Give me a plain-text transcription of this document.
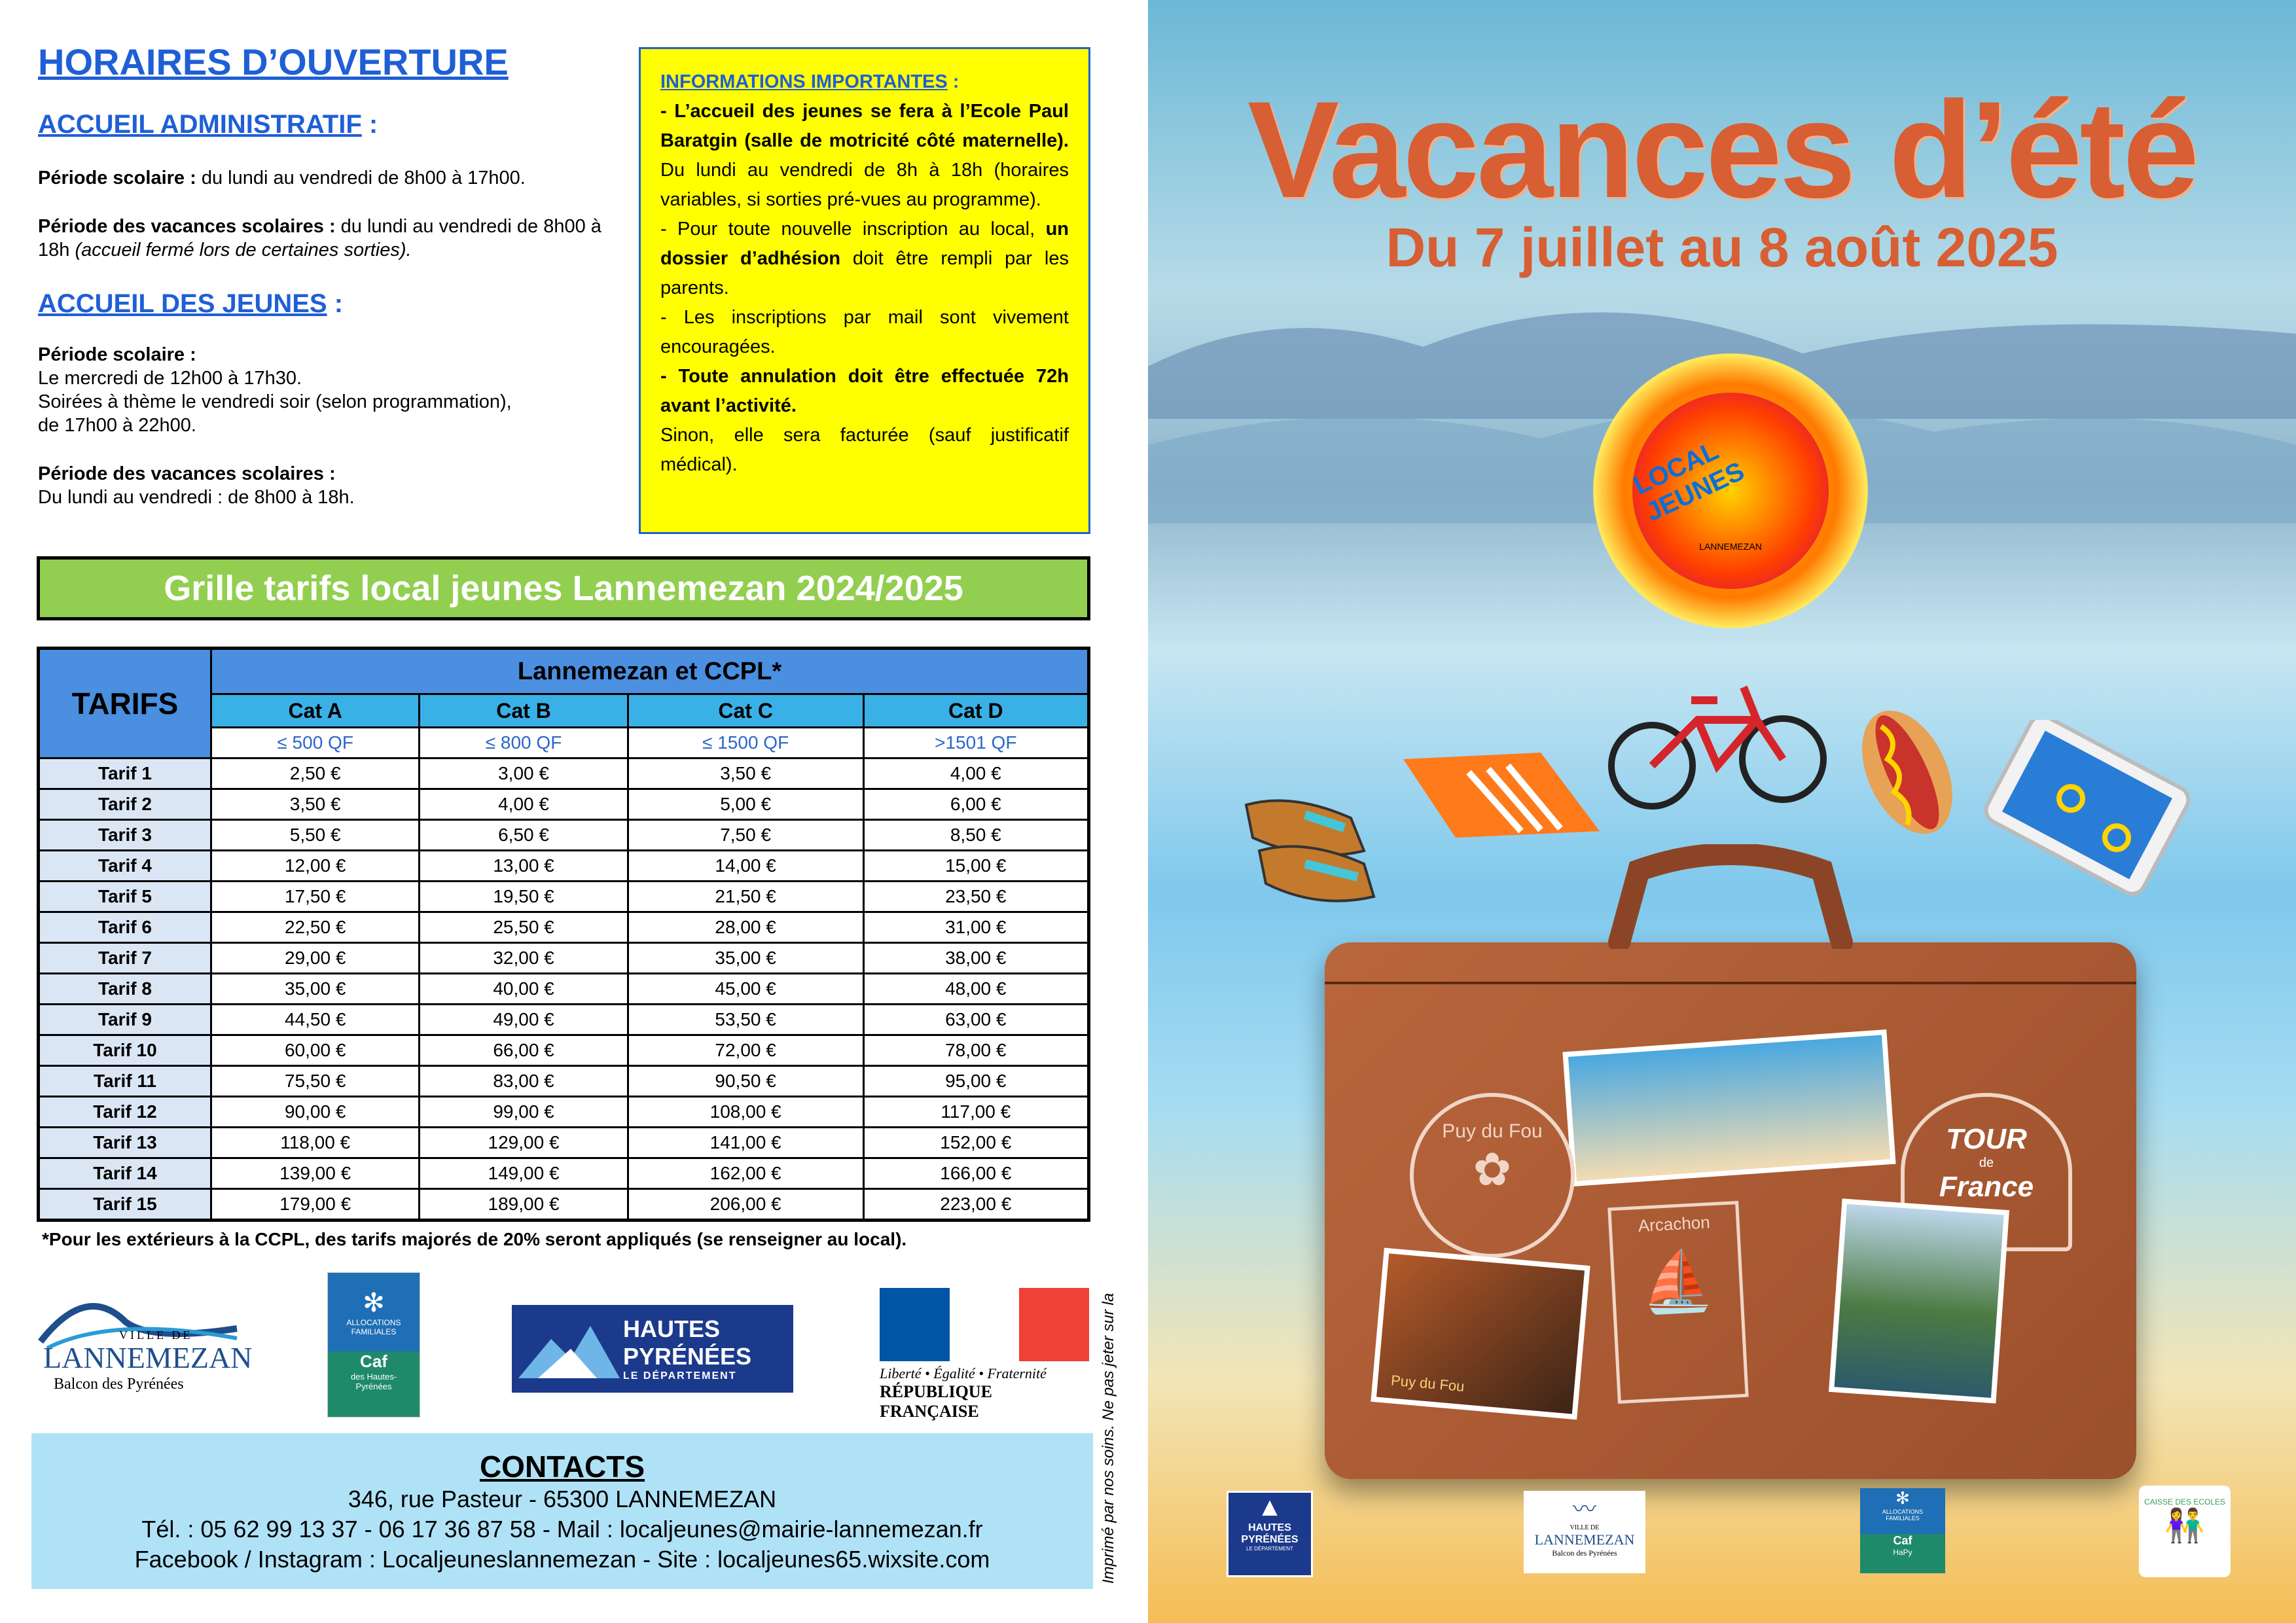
HORAIRES D’OUVERTURE
ACCUEIL ADMINISTRATIF :
Période scolaire : du lundi au vendredi de 8h00 à 17h00.
Période des vacances scolaires : du lundi au vendredi de 8h00 à 18h (accueil fermé lors de certaines sorties).
ACCUEIL DES JEUNES :
Période scolaire :
Le mercredi de 12h00 à 17h30.
Soirées à thème le vendredi soir (selon programmation),
de 17h00 à 22h00.
Période des vacances scolaires :
Du lundi au vendredi : de 8h00 à 18h.
INFORMATIONS IMPORTANTES :
- L’accueil des jeunes se fera à l’Ecole Paul Baratgin (salle de motricité côté maternelle). Du lundi au vendredi de 8h à 18h (horaires variables, si sorties pré-vues au programme).
- Pour toute nouvelle inscription au local, un dossier d’adhésion doit être rempli par les parents.
- Les inscriptions par mail sont vivement encouragées.
- Toute annulation doit être effectuée 72h avant l’activité.
Sinon, elle sera facturée (sauf justificatif médical).
Grille tarifs local jeunes Lannemezan 2024/2025
TARIFS	Lannemezan et CCPL*			
	Cat A	Cat B	Cat C	Cat D
	≤ 500 QF	≤ 800 QF	≤ 1500 QF	>1501 QF
Tarif 1	2,50 €	3,00 €	3,50 €	4,00 €
Tarif 2	3,50 €	4,00 €	5,00 €	6,00 €
Tarif 3	5,50 €	6,50 €	7,50 €	8,50 €
Tarif 4	12,00 €	13,00 €	14,00 €	15,00 €
Tarif 5	17,50 €	19,50 €	21,50 €	23,50 €
Tarif 6	22,50 €	25,50 €	28,00 €	31,00 €
Tarif 7	29,00 €	32,00 €	35,00 €	38,00 €
Tarif 8	35,00 €	40,00 €	45,00 €	48,00 €
Tarif 9	44,50 €	49,00 €	53,50 €	63,00 €
Tarif 10	60,00 €	66,00 €	72,00 €	78,00 €
Tarif 11	75,50 €	83,00 €	90,50 €	95,00 €
Tarif 12	90,00 €	99,00 €	108,00 €	117,00 €
Tarif 13	118,00 €	129,00 €	141,00 €	152,00 €
Tarif 14	139,00 €	149,00 €	162,00 €	166,00 €
Tarif 15	179,00 €	189,00 €	206,00 €	223,00 €
*Pour les extérieurs à la CCPL, des tarifs majorés de 20% seront appliqués (se renseigner au local).
VILLE DE
LANNEMEZAN
Balcon des Pyrénées
✻
ALLOCATIONS
FAMILIALES
Caf
des Hautes-
Pyrénées
HAUTES
PYRÉNÉES
LE DÉPARTEMENT	Liberté • Égalité • Fraternité
RÉPUBLIQUE FRANÇAISE
CONTACTS
346, rue Pasteur - 65300 LANNEMEZAN
Tél. : 05 62 99 13 37 - 06 17 36 87 58 - Mail : localjeunes@mairie-lannemezan.fr
Facebook / Instagram : Localjeuneslannemezan - Site : localjeunes65.wixsite.com	Imprimé par nos soins. Ne pas jeter sur la
Vacances d’été
Du 7 juillet au 8 août 2025
LOCAL JEUNES
LANNEMEZAN
Puy du Fou
✿
Arcachon
⛵
TOUR
de
France
Puy du Fou
▲
HAUTES
PYRÉNÉES
LE DÉPARTEMENT
〰
VILLE DE
LANNEMEZAN
Balcon des Pyrénées
✻
ALLOCATIONS
FAMILIALES
Caf
HaPy
CAISSE DES ECOLES
👫
